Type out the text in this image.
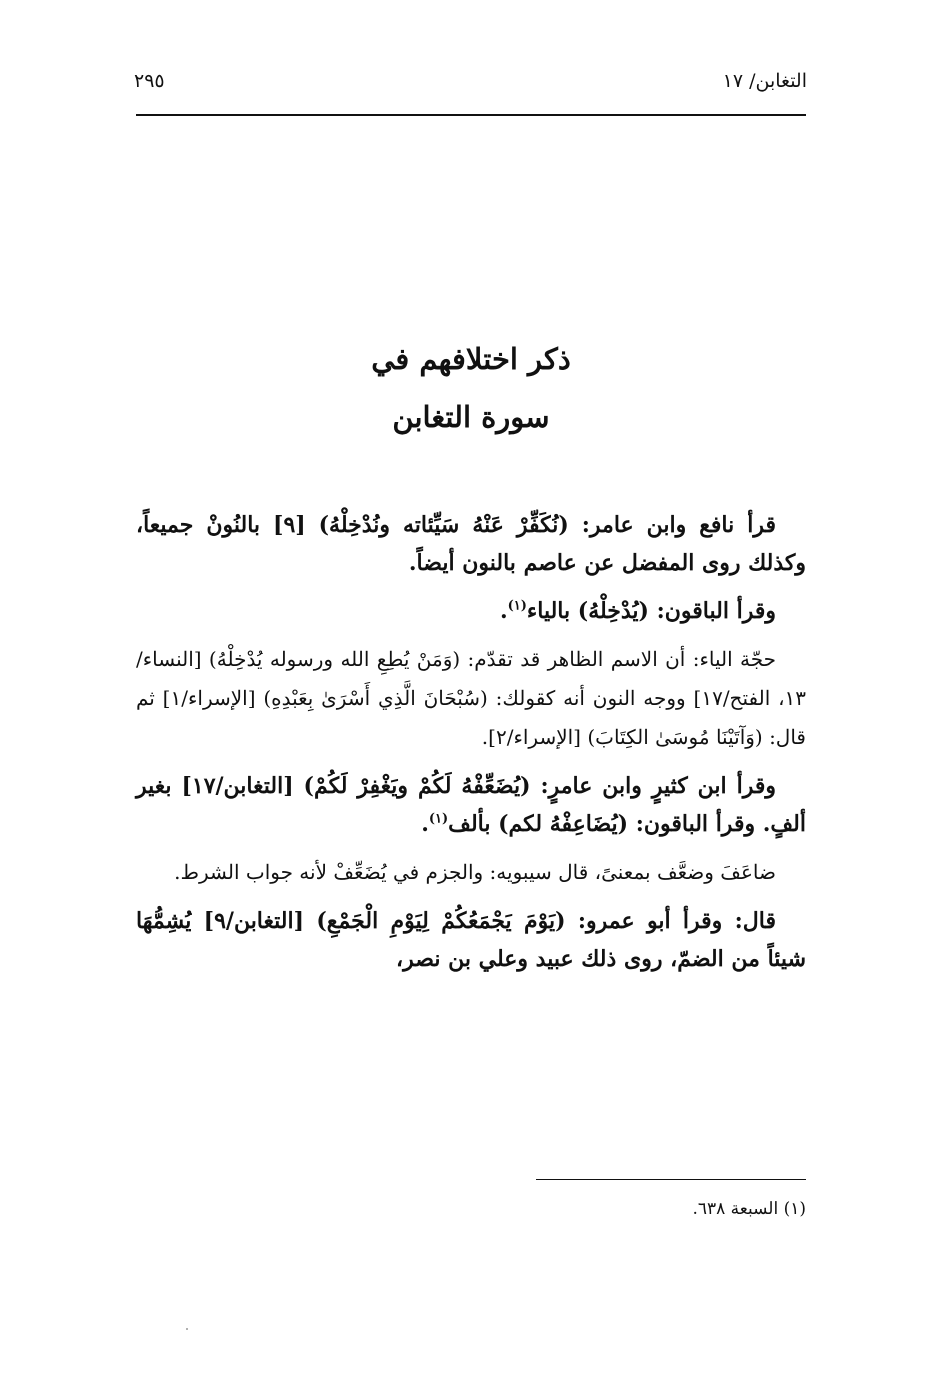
التغابن/ ١٧
٢٩٥
ذكر اختلافهم في
سورة التغابن

قرأ نافع وابن عامر: (نُكَفِّرْ عَنْهُ سَيِّئاته ونُدْخِلْهُ) [٩] بالنُونْ جميعاً، وكذلك روى المفضل عن عاصم بالنون أيضاً.

وقرأ الباقون: (يُدْخِلْهُ) بالياء$^{(١)}$.

حجّة الياء: أن الاسم الظاهر قد تقدّم: (وَمَنْ يُطِعِ الله ورسوله يُدْخِلْهُ) [النساء/١٣، الفتح/١٧] ووجه النون أنه كقولك: (سُبْحَانَ الَّذِي أَسْرَىٰ بِعَبْدِهِ) [الإسراء/١] ثم قال: (وَآتَيْنَا مُوسَىٰ الكِتَابَ) [الإسراء/٢].

وقرأ ابن كثيرٍ وابن عامرٍ: (يُضَعِّفْهُ لَكُمْ ويَغْفِرْ لَكُمْ) [التغابن/١٧] بغير ألفٍ. وقرأ الباقون: (يُضَاعِفْهُ لكم) بألف$^{(١)}$.

ضاعَفَ وضعَّف بمعنىً، قال سيبويه: والجزم في يُضَعِّفْ لأنه جواب الشرط.

قال: وقرأ أبو عمرو: (يَوْمَ يَجْمَعُكُمْ لِيَوْمِ الْجَمْعِ) [التغابن/٩] يُشِمُّهَا شيئاً من الضمّ، روى ذلك عبيد وعلي بن نصر،

(١) السبعة ٦٣٨.
